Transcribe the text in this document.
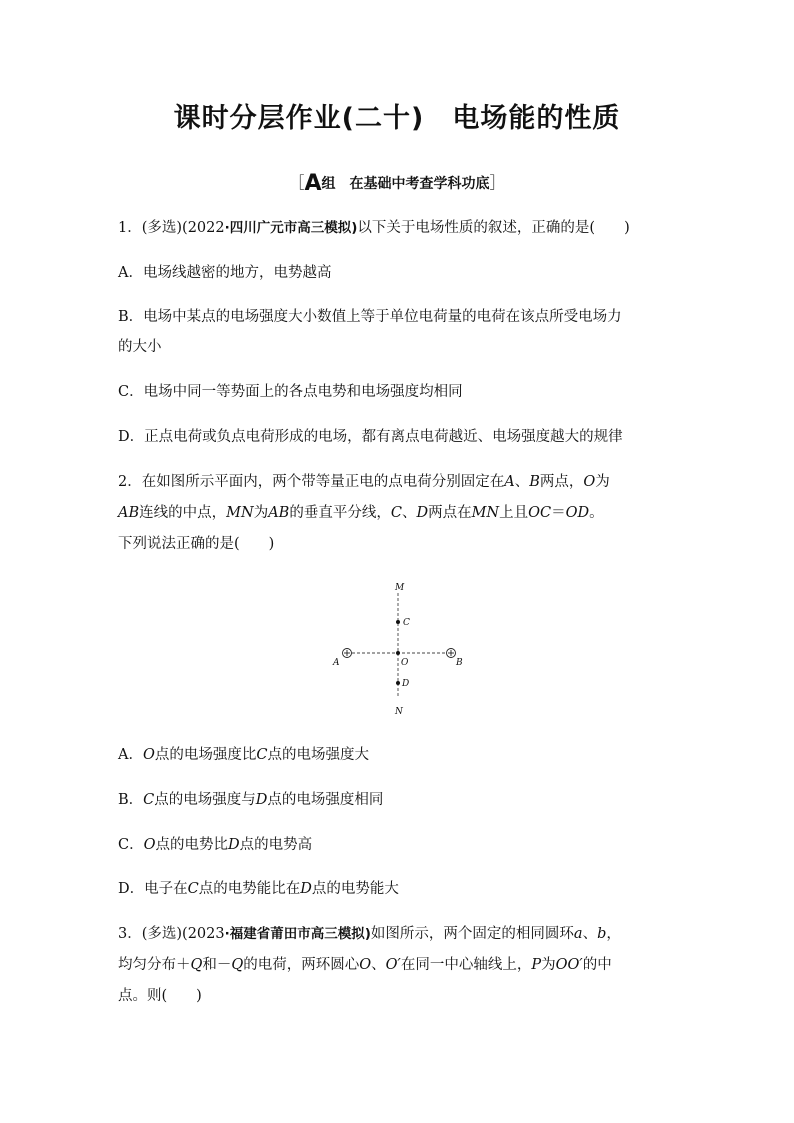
课时分层作业(二十)　电场能的性质
［A组　在基础中考查学科功底］
1．(多选)(2022·四川广元市高三模拟)以下关于电场性质的叙述，正确的是(　　)
A．电场线越密的地方，电势越高
B．电场中某点的电场强度大小数值上等于单位电荷量的电荷在该点所受电场力
的大小
C．电场中同一等势面上的各点电势和电场强度均相同
D．正点电荷或负点电荷形成的电场，都有离点电荷越近、电场强度越大的规律
2．在如图所示平面内，两个带等量正电的点电荷分别固定在A、B两点，O为
AB连线的中点，MN为AB的垂直平分线，C、D两点在MN上且OC＝OD。
下列说法正确的是(　　)
M
N
C
O
D
A	B
A．O点的电场强度比C点的电场强度大
B．C点的电场强度与D点的电场强度相同
C．O点的电势比D点的电势高
D．电子在C点的电势能比在D点的电势能大
3．(多选)(2023·福建省莆田市高三模拟)如图所示，两个固定的相同圆环a、b，
均匀分布＋Q和－Q的电荷，两环圆心O、O′在同一中心轴线上，P为OO′的中
点。则(　　)
